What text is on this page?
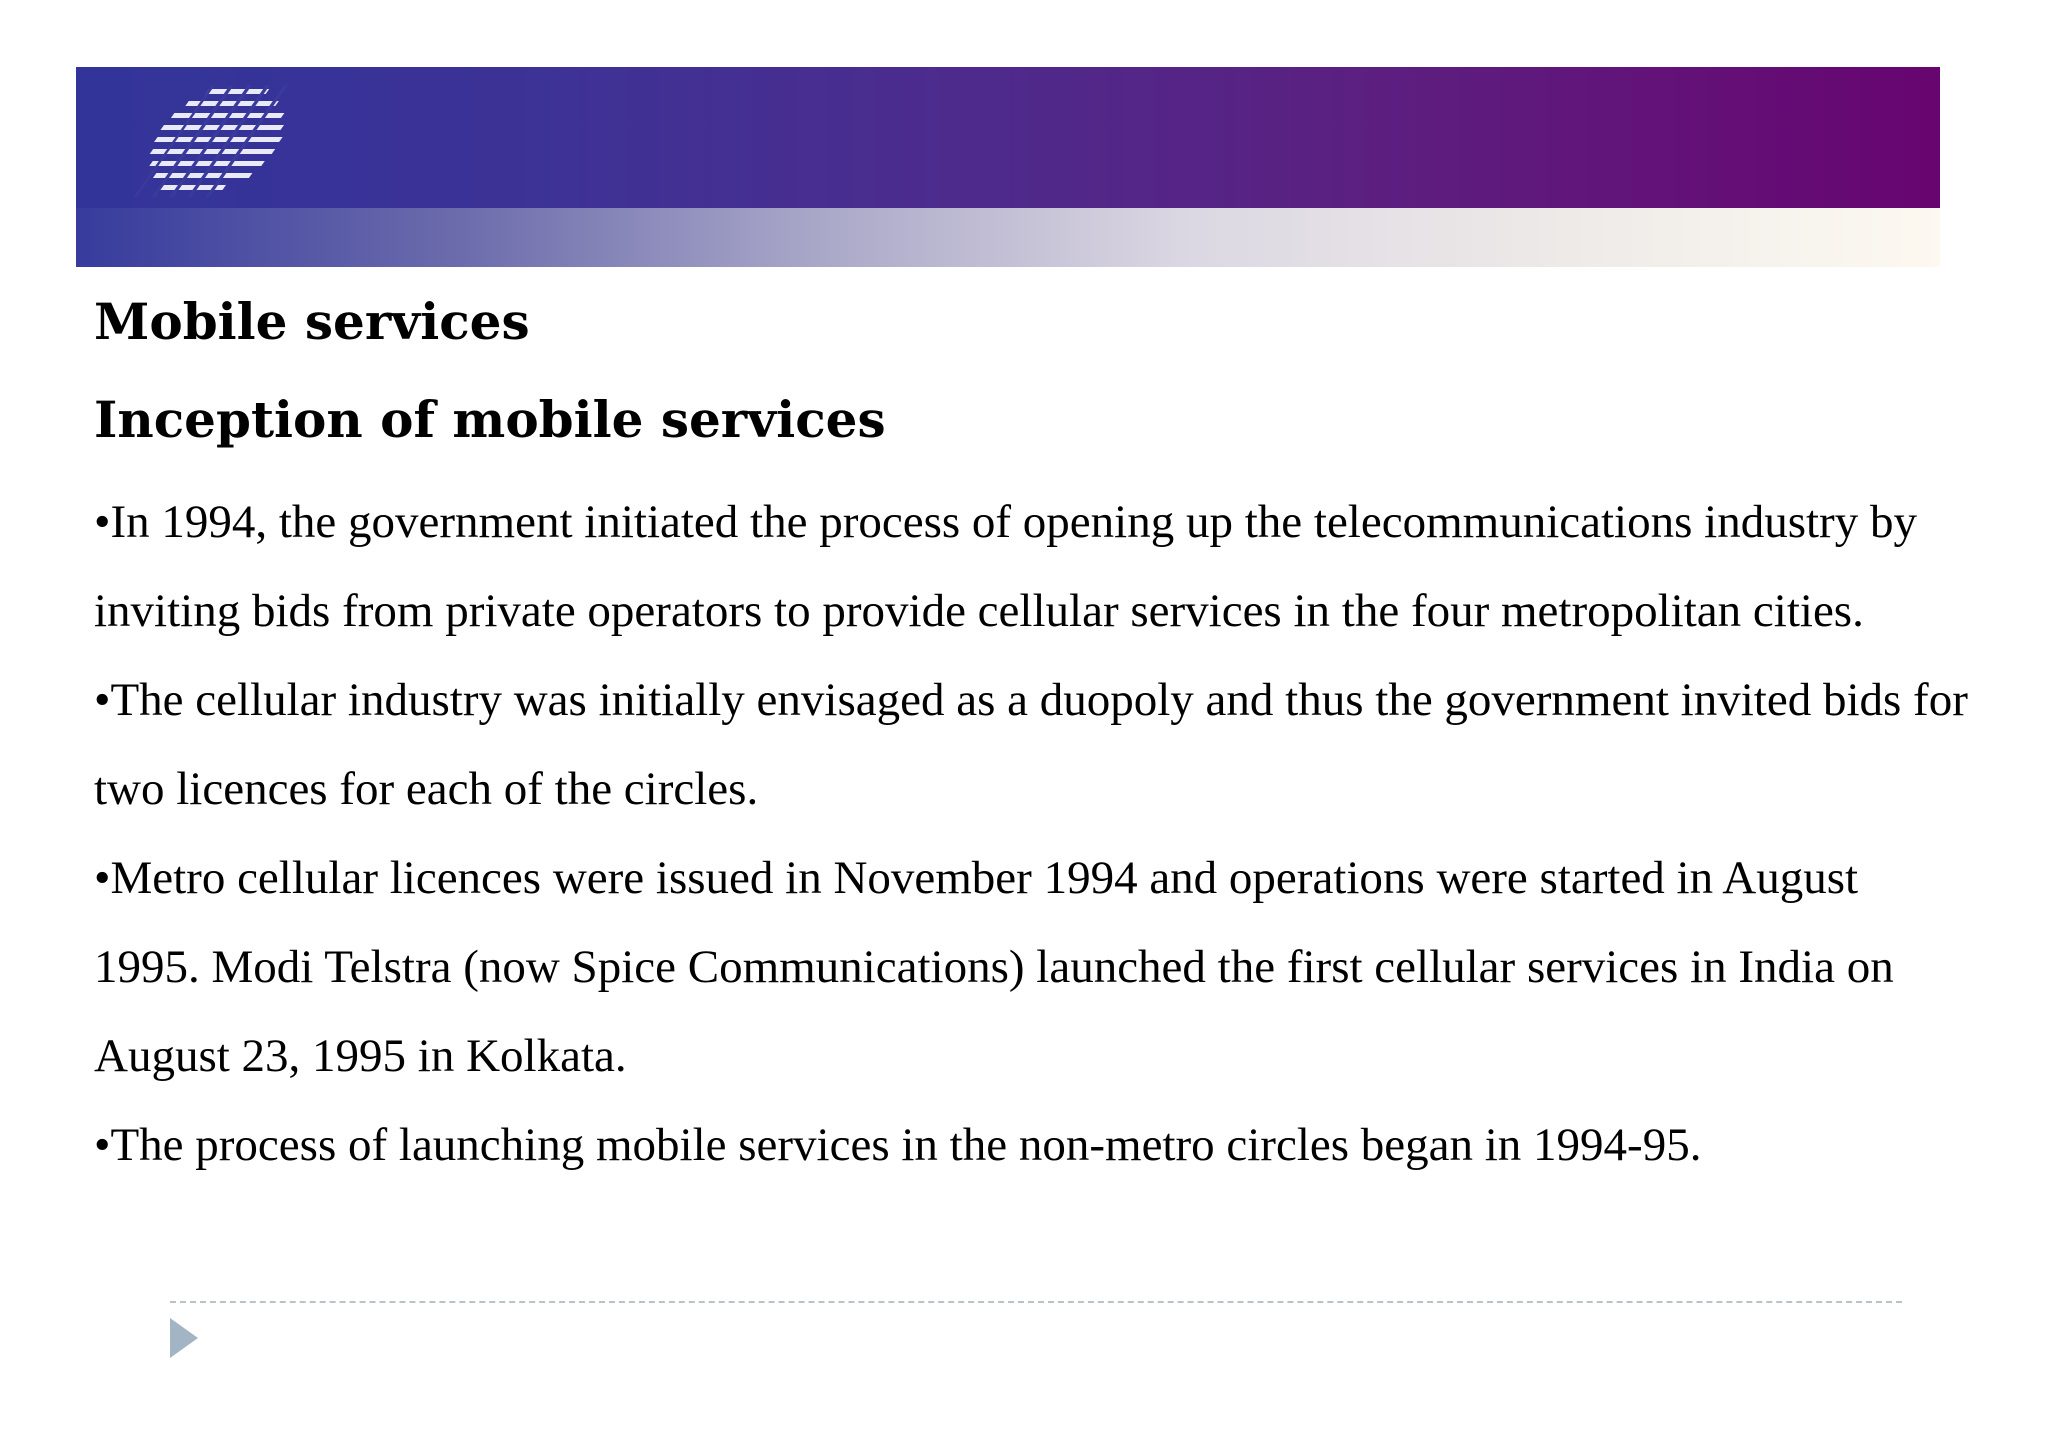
Mobile services
Inception of mobile services
•In 1994, the government initiated the process of opening up the telecommunications industry by inviting bids from private operators to provide cellular services in the four metropolitan cities.
•The cellular industry was initially envisaged as a duopoly and thus the government invited bids for two licences for each of the circles.
•Metro cellular licences were issued in November 1994 and operations were started in August 1995. Modi Telstra (now Spice Communications) launched the first cellular services in India on August 23, 1995 in Kolkata.
•The process of launching mobile services in the non-metro circles began in 1994-95.
